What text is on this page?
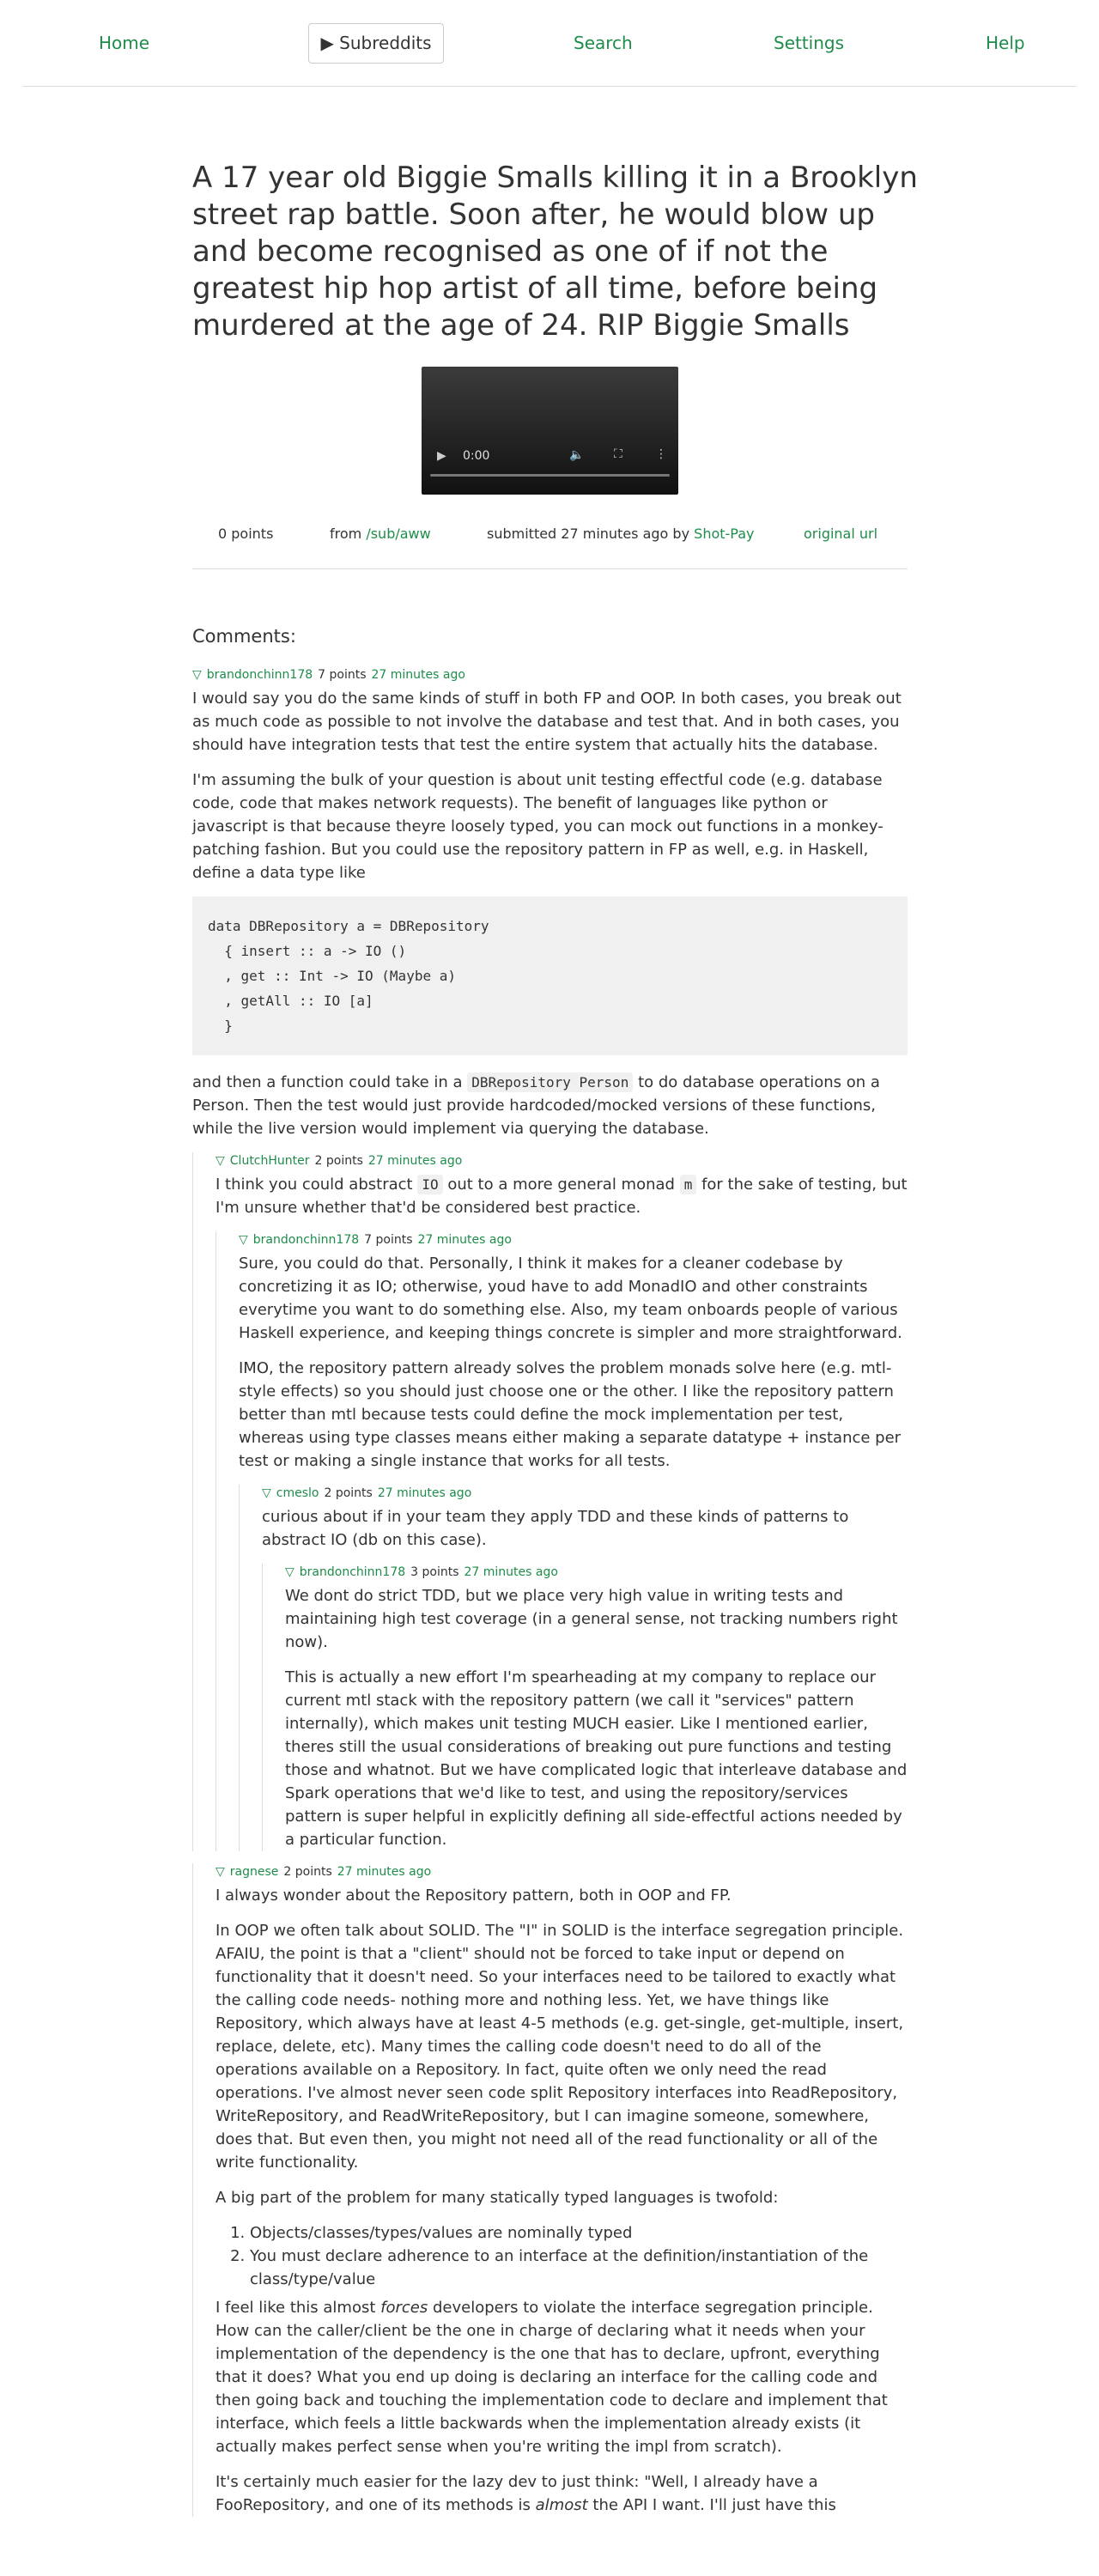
Home	▶ Subreddits	Search	Settings	Help
A 17 year old Biggie Smalls killing it in a Brooklyn street rap battle. Soon after, he would blow up and become recognised as one of if not the greatest hip hop artist of all time, before being murdered at the age of 24. RIP Biggie Smalls
▶ 0:00	🔈 ⛶	⋮
0 points	from /sub/aww	submitted 27 minutes ago by Shot-Pay	original url
Comments:
▽ brandonchinn178 7 points 27 minutes ago

I would say you do the same kinds of stuff in both FP and OOP. In both cases, you break out as much code as possible to not involve the database and test that. And in both cases, you should have integration tests that test the entire system that actually hits the database.

I'm assuming the bulk of your question is about unit testing effectful code (e.g. database code, code that makes network requests). The benefit of languages like python or javascript is that because theyre loosely typed, you can mock out functions in a monkey-patching fashion. But you could use the repository pattern in FP as well, e.g. in Haskell, define a data type like

data DBRepository a = DBRepository
{ insert :: a -> IO ()
, get :: Int -> IO (Maybe a)
, getAll :: IO [a]
}

and then a function could take in a DBRepository Person to do database operations on a Person. Then the test would just provide hardcoded/mocked versions of these functions, while the live version would implement via querying the database.

▽ ClutchHunter 2 points 27 minutes ago

I think you could abstract IO out to a more general monad m for the sake of testing, but I'm unsure whether that'd be considered best practice.

▽ brandonchinn178 7 points 27 minutes ago

Sure, you could do that. Personally, I think it makes for a cleaner codebase by concretizing it as IO; otherwise, youd have to add MonadIO and other constraints everytime you want to do something else. Also, my team onboards people of various Haskell experience, and keeping things concrete is simpler and more straightforward.

IMO, the repository pattern already solves the problem monads solve here (e.g. mtl-style effects) so you should just choose one or the other. I like the repository pattern better than mtl because tests could define the mock implementation per test, whereas using type classes means either making a separate datatype + instance per test or making a single instance that works for all tests.

▽ cmeslo 2 points 27 minutes ago

curious about if in your team they apply TDD and these kinds of patterns to abstract IO (db on this case).

▽ brandonchinn178 3 points 27 minutes ago

We dont do strict TDD, but we place very high value in writing tests and maintaining high test coverage (in a general sense, not tracking numbers right now).

This is actually a new effort I'm spearheading at my company to replace our current mtl stack with the repository pattern (we call it "services" pattern internally), which makes unit testing MUCH easier. Like I mentioned earlier, theres still the usual considerations of breaking out pure functions and testing those and whatnot. But we have complicated logic that interleave database and Spark operations that we'd like to test, and using the repository/services pattern is super helpful in explicitly defining all side-effectful actions needed by a particular function.

▽ ragnese 2 points 27 minutes ago

I always wonder about the Repository pattern, both in OOP and FP.

In OOP we often talk about SOLID. The "I" in SOLID is the interface segregation principle. AFAIU, the point is that a "client" should not be forced to take input or depend on functionality that it doesn't need. So your interfaces need to be tailored to exactly what the calling code needs- nothing more and nothing less. Yet, we have things like Repository, which always have at least 4-5 methods (e.g. get-single, get-multiple, insert, replace, delete, etc). Many times the calling code doesn't need to do all of the operations available on a Repository. In fact, quite often we only need the read operations. I've almost never seen code split Repository interfaces into ReadRepository, WriteRepository, and ReadWriteRepository, but I can imagine someone, somewhere, does that. But even then, you might not need all of the read functionality or all of the write functionality.

A big part of the problem for many statically typed languages is twofold:

1. Objects/classes/types/values are nominally typed
2. You must declare adherence to an interface at the definition/instantiation of the class/type/value

I feel like this almost forces developers to violate the interface segregation principle. How can the caller/client be the one in charge of declaring what it needs when your implementation of the dependency is the one that has to declare, upfront, everything that it does? What you end up doing is declaring an interface for the calling code and then going back and touching the implementation code to declare and implement that interface, which feels a little backwards when the implementation already exists (it actually makes perfect sense when you're writing the impl from scratch).

It's certainly much easier for the lazy dev to just think: "Well, I already have a FooRepository, and one of its methods is almost the API I want. I'll just have this
